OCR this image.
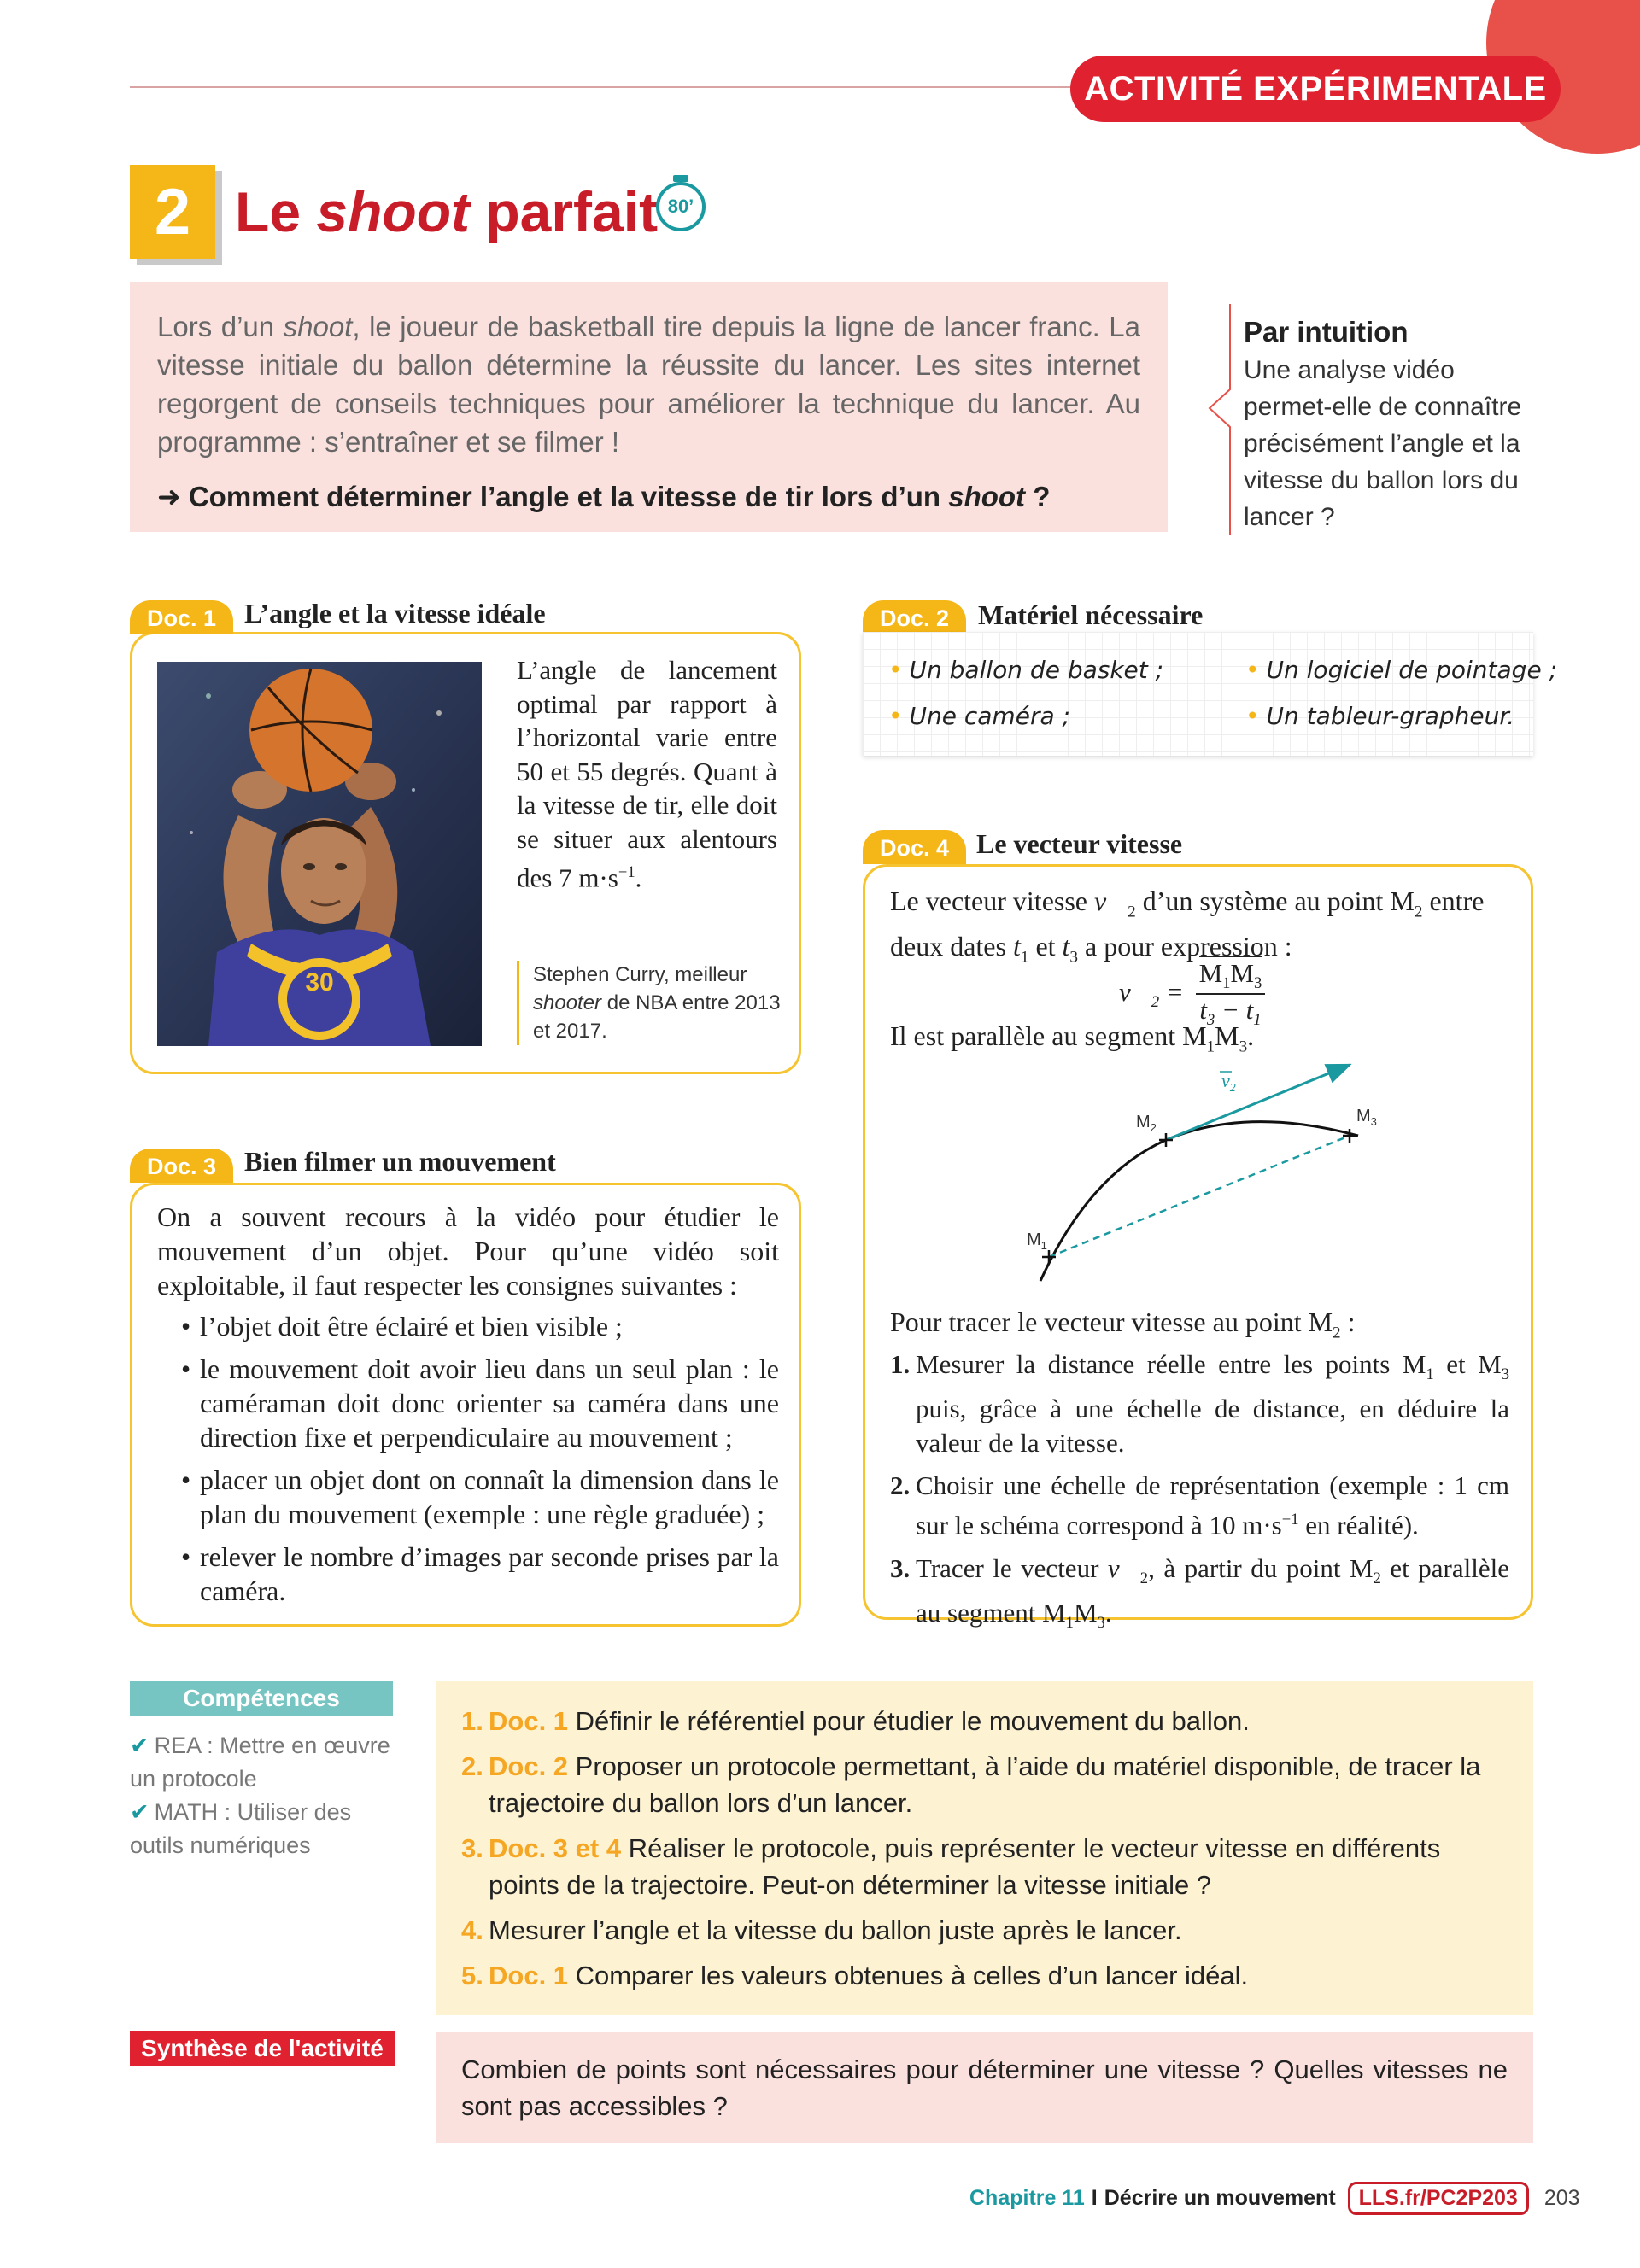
ACTIVITÉ EXPÉRIMENTALE
2 Le shoot parfait 80’

Lors d’un shoot, le joueur de basketball tire depuis la ligne de lancer franc. La vitesse initiale du ballon détermine la réussite du lancer. Les sites internet regorgent de conseils techniques pour améliorer la technique du lancer. Au programme : s’entraîner et se filmer !

➜ Comment déterminer l’angle et la vitesse de tir lors d’un shoot ?
Par intuition
Une analyse vidéo permet-elle de connaître précisément l’angle et la vitesse du ballon lors du lancer ?
Doc. 1	L’angle et la vitesse idéale
30
L’angle de lancement optimal par rapport à l’horizontal varie entre 50 et 55 degrés. Quant à la vitesse de tir, elle doit se situer aux alentours des 7 $m\cdot s^{-1}$.
Stephen Curry, meilleur shooter de NBA entre 2013 et 2017.
Doc. 2	Matériel nécessaire
• Un ballon de basket ;
• Une caméra ;
• Un logiciel de pointage ;
• Un tableur-grapheur.
Doc. 3	Bien filmer un mouvement

On a souvent recours à la vidéo pour étudier le mouvement d’un objet. Pour qu’une vidéo soit exploitable, il faut respecter les consignes suivantes :

• l’objet doit être éclairé et bien visible ;
• le mouvement doit avoir lieu dans un seul plan : le caméraman doit donc orienter sa caméra dans une direction fixe et perpendiculaire au mouvement ;
• placer un objet dont on connaît la dimension dans le plan du mouvement (exemple : une règle graduée) ;
• relever le nombre d’images par seconde prises par la caméra.
Doc. 4 Le vecteur vitesse
Le vecteur vitesse $v⃗_2$ d’un système au point $M_2$ entre deux dates $t_1$ et $t_3$ a pour expression :
$v⃗_2 = \frac{M_1M_3}{t_3 - t_1}$
Il est parallèle au segment $M_1M_3$.
$M_1$
$M_2$
$M_3$
$v_2$
Pour tracer le vecteur vitesse au point $M_2$ :
1. Mesurer la distance réelle entre les points $M_1$ et $M_3$ puis, grâce à une échelle de distance, en déduire la valeur de la vitesse.
2. Choisir une échelle de représentation (exemple : 1 cm sur le schéma correspond à 10 $m\cdot s^{-1}$ en réalité).
3. Tracer le vecteur $v⃗_2$, à partir du point $M_2$ et parallèle au segment $M_1M_3$.
Compétences
✔ REA : Mettre en œuvre un protocole
✔ MATH : Utiliser des outils numériques
1. Doc. 1 Définir le référentiel pour étudier le mouvement du ballon.
2. Doc. 2 Proposer un protocole permettant, à l’aide du matériel disponible, de tracer la trajectoire du ballon lors d’un lancer.
3. Doc. 3 et 4 Réaliser le protocole, puis représenter le vecteur vitesse en différents points de la trajectoire. Peut-on déterminer la vitesse initiale ?
4. Mesurer l’angle et la vitesse du ballon juste après le lancer.
5. Doc. 1 Comparer les valeurs obtenues à celles d’un lancer idéal.
Synthèse de l'activité
Combien de points sont nécessaires pour déterminer une vitesse ? Quelles vitesses ne sont pas accessibles ?
Chapitre 11 I Décrire un mouvement	LLS.fr/PC2P203	203
